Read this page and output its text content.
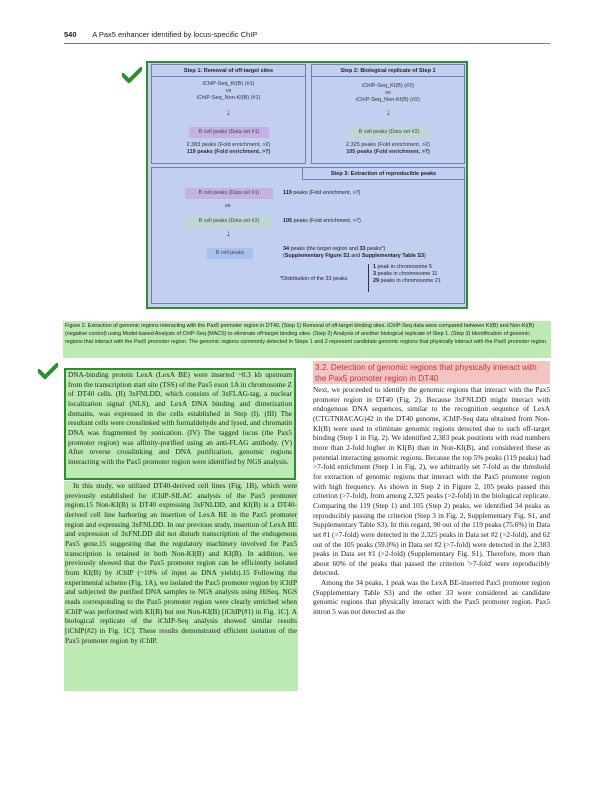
540 A Pax5 enhancer identified by locus-specific ChIP
Step 1: Removal of off-target sites
iChIP-Seq_KI(B) (#1)
vs
iChIP-Seq_Non-KI(B) (#1)
↓
B cell peaks (Data set #1)
2,383 peaks (Fold enrichment, >2)
119 peaks (Fold enrichment, >7)
Step 2: Biological replicate of Step 1
iChIP-Seq_KI(B) (#2)
vs
iChIP-Seq_Non-KI(B) (#2)
↓
B cell peaks (Data set #2)
2,325 peaks (Fold enrichment, >2)
105 peaks (Fold enrichment, >7)
Step 3: Extraction of reproducible peaks
B cell peaks (Data set #1)	119 peaks (Fold enrichment, >7)
vs
B cell peaks (Data set #2)	105 peaks (Fold enrichment, >7)
↓
B cell peaks
34 peaks (the target region and 33 peaks*)
(Supplementary Figure S1 and Supplementary Table S3)
*Distribution of the 33 peaks
1 peak in chromosome 5
3 peaks in chromosome 11
29 peaks in chromosome 21
Figure 2. Extraction of genomic regions interacting with the Pax5 promoter region in DT40. (Step 1) Removal of off-target binding sites. iChIP-Seq data were compared between KI(B) and Non-KI(B) (negative control) using Model-based Analysis of ChIP-Seq (MACS) to eliminate off-target binding sites. (Step 2) Analysis of another biological replicate of Step 1. (Step 3) Identification of genomic regions that interact with the Pax5 promoter region. The genomic regions commonly detected in Steps 1 and 2 represent candidate genomic regions that physically interact with the Pax5 promoter region.
DNA-binding protein LexA (LexA BE) were inserted ~0.3 kb upstream from the transcription start site (TSS) of the Pax5 exon 1A in chromosome Z of DT40 cells. (II) 3xFNLDD, which consists of 3xFLAG-tag, a nuclear localization signal (NLS), and LexA DNA binding and dimerization domains, was expressed in the cells established in Step (I). (III) The resultant cells were crosslinked with formaldehyde and lysed, and chromatin DNA was fragmented by sonication. (IV) The tagged locus (the Pax5 promoter region) was affinity-purified using an anti-FLAG antibody. (V) After reverse crosslinking and DNA purification, genomic regions interacting with the Pax5 promoter region were identified by NGS analysis.

In this study, we utilized DT40-derived cell lines (Fig. 1B), which were previously established for iChIP-SILAC analysis of the Pax5 promoter region;15 Non-KI(B) is DT40 expressing 3xFNLDD, and KI(B) is a DT40-derived cell line harboring an insertion of LexA BE in the Pax5 promoter region and expressing 3xFNLDD. In our previous study, insertion of LexA BE and expression of 3xFNLDD did not disturb transcription of the endogenous Pax5 gene,15 suggesting that the regulatory machinery involved for Pax5 transcription is retained in both Non-KI(B) and KI(B). In addition, we previously showed that the Pax5 promoter region can be efficiently isolated from KI(B) by iChIP (~10% of input as DNA yields).15 Following the experimental scheme (Fig. 1A), we isolated the Pax5 promoter region by iChIP and subjected the purified DNA samples to NGS analysis using HiSeq. NGS reads corresponding to the Pax5 promoter region were clearly enriched when iChIP was performed with KI(B) but not Non-KI(B) [iChIP(#1) in Fig. 1C]. A biological replicate of the iChIP-Seq analysis showed similar results [iChIP(#2) in Fig. 1C]. These results demonstrated efficient isolation of the Pax5 promoter region by iChIP.

3.2. Detection of genomic regions that physically interact with the Pax5 promoter region in DT40

Next, we proceeded to identify the genomic regions that interact with the Pax5 promoter region in DT40 (Fig. 2). Because 3xFNLDD might interact with endogenous DNA sequences, similar to the recognition sequence of LexA (CTGTN8ACAG)42 in the DT40 genome, iChIP-Seq data obtained from Non-KI(B) were used to eliminate genomic regions detected due to such off-target binding (Step 1 in Fig. 2). We identified 2,383 peak positions with read numbers more than 2-fold higher in KI(B) than in Non-KI(B), and considered these as potential interacting genomic regions. Because the top 5% peaks (119 peaks) had >7-fold enrichment (Step 1 in Fig. 2), we arbitrarily set 7-fold as the threshold for extraction of genomic regions that interact with the Pax5 promoter region with high frequency. As shown in Step 2 in Figure 2, 105 peaks passed this criterion (>7-fold), from among 2,325 peaks (>2-fold) in the biological replicate. Comparing the 119 (Step 1) and 105 (Step 2) peaks, we identified 34 peaks as reproducibly passing the criterion (Step 3 in Fig. 2, Supplementary Fig. S1, and Supplementary Table S3). In this regard, 90 out of the 119 peaks (75.6%) in Data set #1 (>7-fold) were detected in the 2,325 peaks in Data set #2 (>2-fold), and 62 out of the 105 peaks (59.0%) in Data set #2 (>7-fold) were detected in the 2,383 peaks in Data set #1 (>2-fold) (Supplementary Fig. S1). Therefore, more than about 60% of the peaks that passed the criterion '>7-fold' were reproducibly detected.

Among the 34 peaks, 1 peak was the LexA BE-inserted Pax5 promoter region (Supplementary Table S3) and the other 33 were considered as candidate genomic regions that physically interact with the Pax5 promoter region. Pax5 intron 5 was not detected as the
